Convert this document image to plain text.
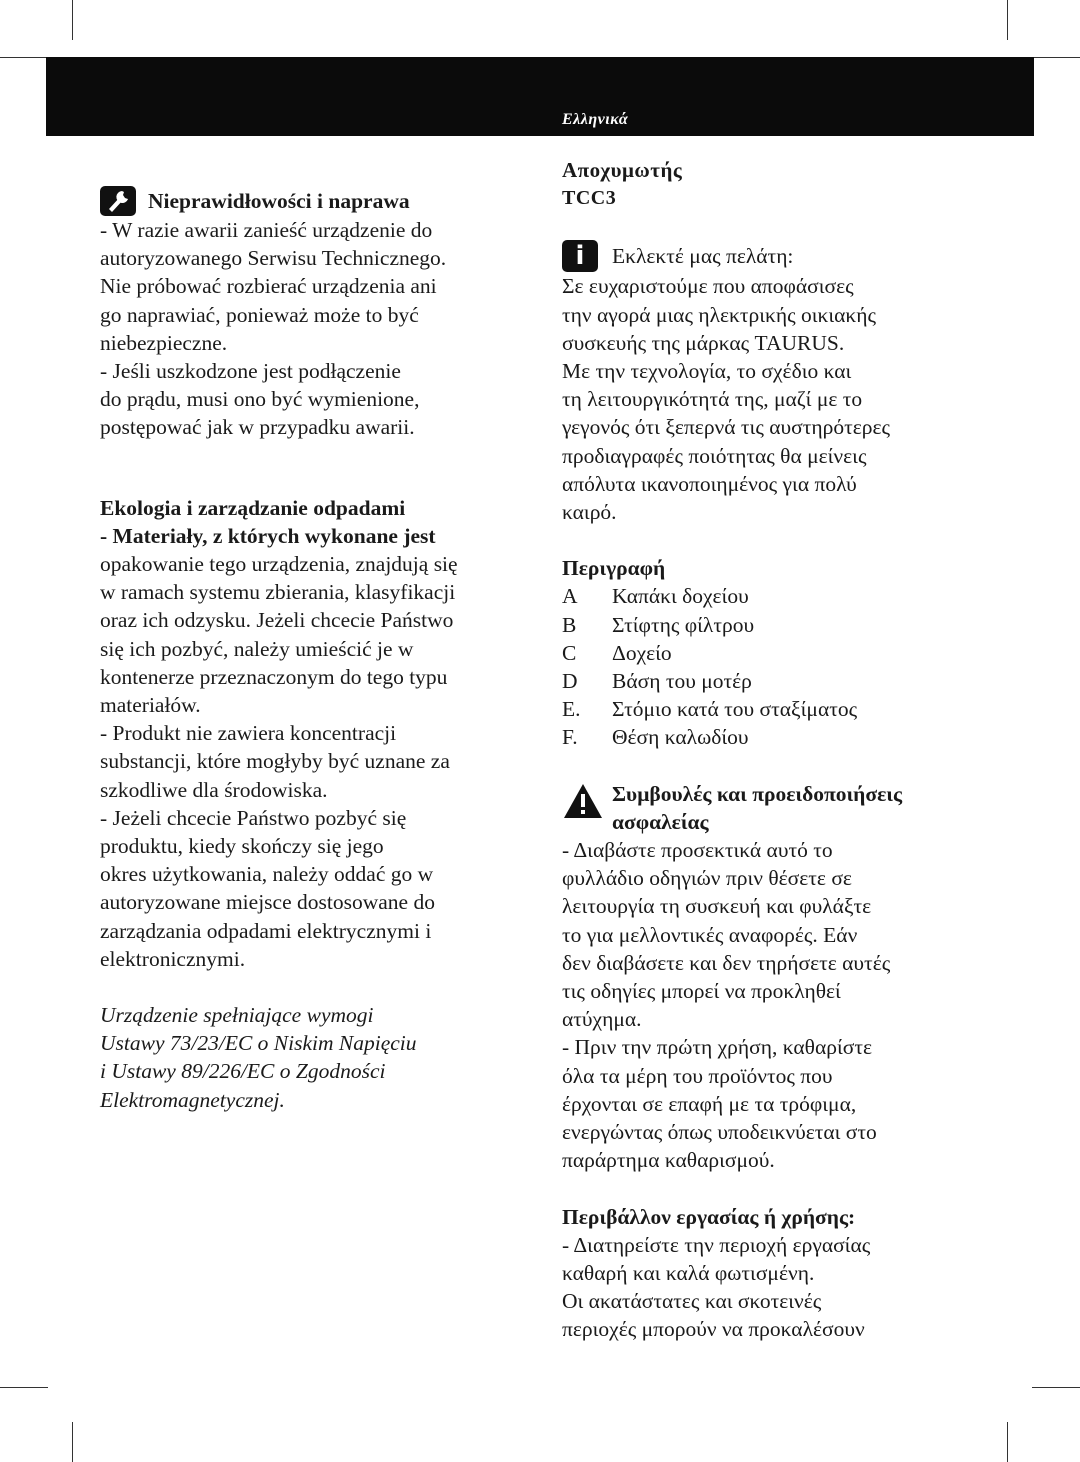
Ελληνικά
Nieprawidłowości i naprawa
- W razie awarii zanieść urządzenie do
autoryzowanego Serwisu Technicznego.
Nie próbować rozbierać urządzenia ani
go naprawiać, ponieważ może to być
niebezpieczne.
- Jeśli uszkodzone jest podłączenie
do prądu, musi ono być wymienione,
postępować jak w przypadku awarii.
Ekologia i zarządzanie odpadami
- Materiały, z których wykonane jest
opakowanie tego urządzenia, znajdują się
w ramach systemu zbierania, klasyfikacji
oraz ich odzysku. Jeżeli chcecie Państwo
się ich pozbyć, należy umieścić je w
kontenerze przeznaczonym do tego typu
materiałów.
- Produkt nie zawiera koncentracji
substancji, które mogłyby być uznane za
szkodliwe dla środowiska.
- Jeżeli chcecie Państwo pozbyć się
produktu, kiedy skończy się jego
okres użytkowania, należy oddać go w
autoryzowane miejsce dostosowane do
zarządzania odpadami elektrycznymi i
elektronicznymi.
Urządzenie spełniające wymogi
Ustawy 73/23/EC o Niskim Napięciu
i Ustawy 89/226/EC o Zgodności
Elektromagnetycznej.
Αποχυμωτής
TCC3
i	Εκλεκτέ μας πελάτη:
Σε ευχαριστούμε που αποφάσισες
την αγορά μιας ηλεκτρικής οικιακής
συσκευής της μάρκας TAURUS.
Με την τεχνολογία, το σχέδιο και
τη λειτουργικότητά της, μαζί με το
γεγονός ότι ξεπερνά τις αυστηρότερες
προδιαγραφές ποιότητας θα μείνεις
απόλυτα ικανοποιημένος για πολύ
καιρό.
Περιγραφή
A	Καπάκι δοχείου
B	Στίφτης φίλτρου
C	Δοχείο
D	Βάση του μοτέρ
E.	Στόμιο κατά του σταξίματος
F.	Θέση καλωδίου
Συμβουλές και προειδοποιήσεις
ασφαλείας
- Διαβάστε προσεκτικά αυτό το
φυλλάδιο οδηγιών πριν θέσετε σε
λειτουργία τη συσκευή και φυλάξτε
το για μελλοντικές αναφορές. Εάν
δεν διαβάσετε και δεν τηρήσετε αυτές
τις οδηγίες μπορεί να προκληθεί
ατύχημα.
- Πριν την πρώτη χρήση, καθαρίστε
όλα τα μέρη του προϊόντος που
έρχονται σε επαφή με τα τρόφιμα,
ενεργώντας όπως υποδεικνύεται στο
παράρτημα καθαρισμού.
Περιβάλλον εργασίας ή χρήσης:
- Διατηρείστε την περιοχή εργασίας
καθαρή και καλά φωτισμένη.
Οι ακατάστατες και σκοτεινές
περιοχές μπορούν να προκαλέσουν
